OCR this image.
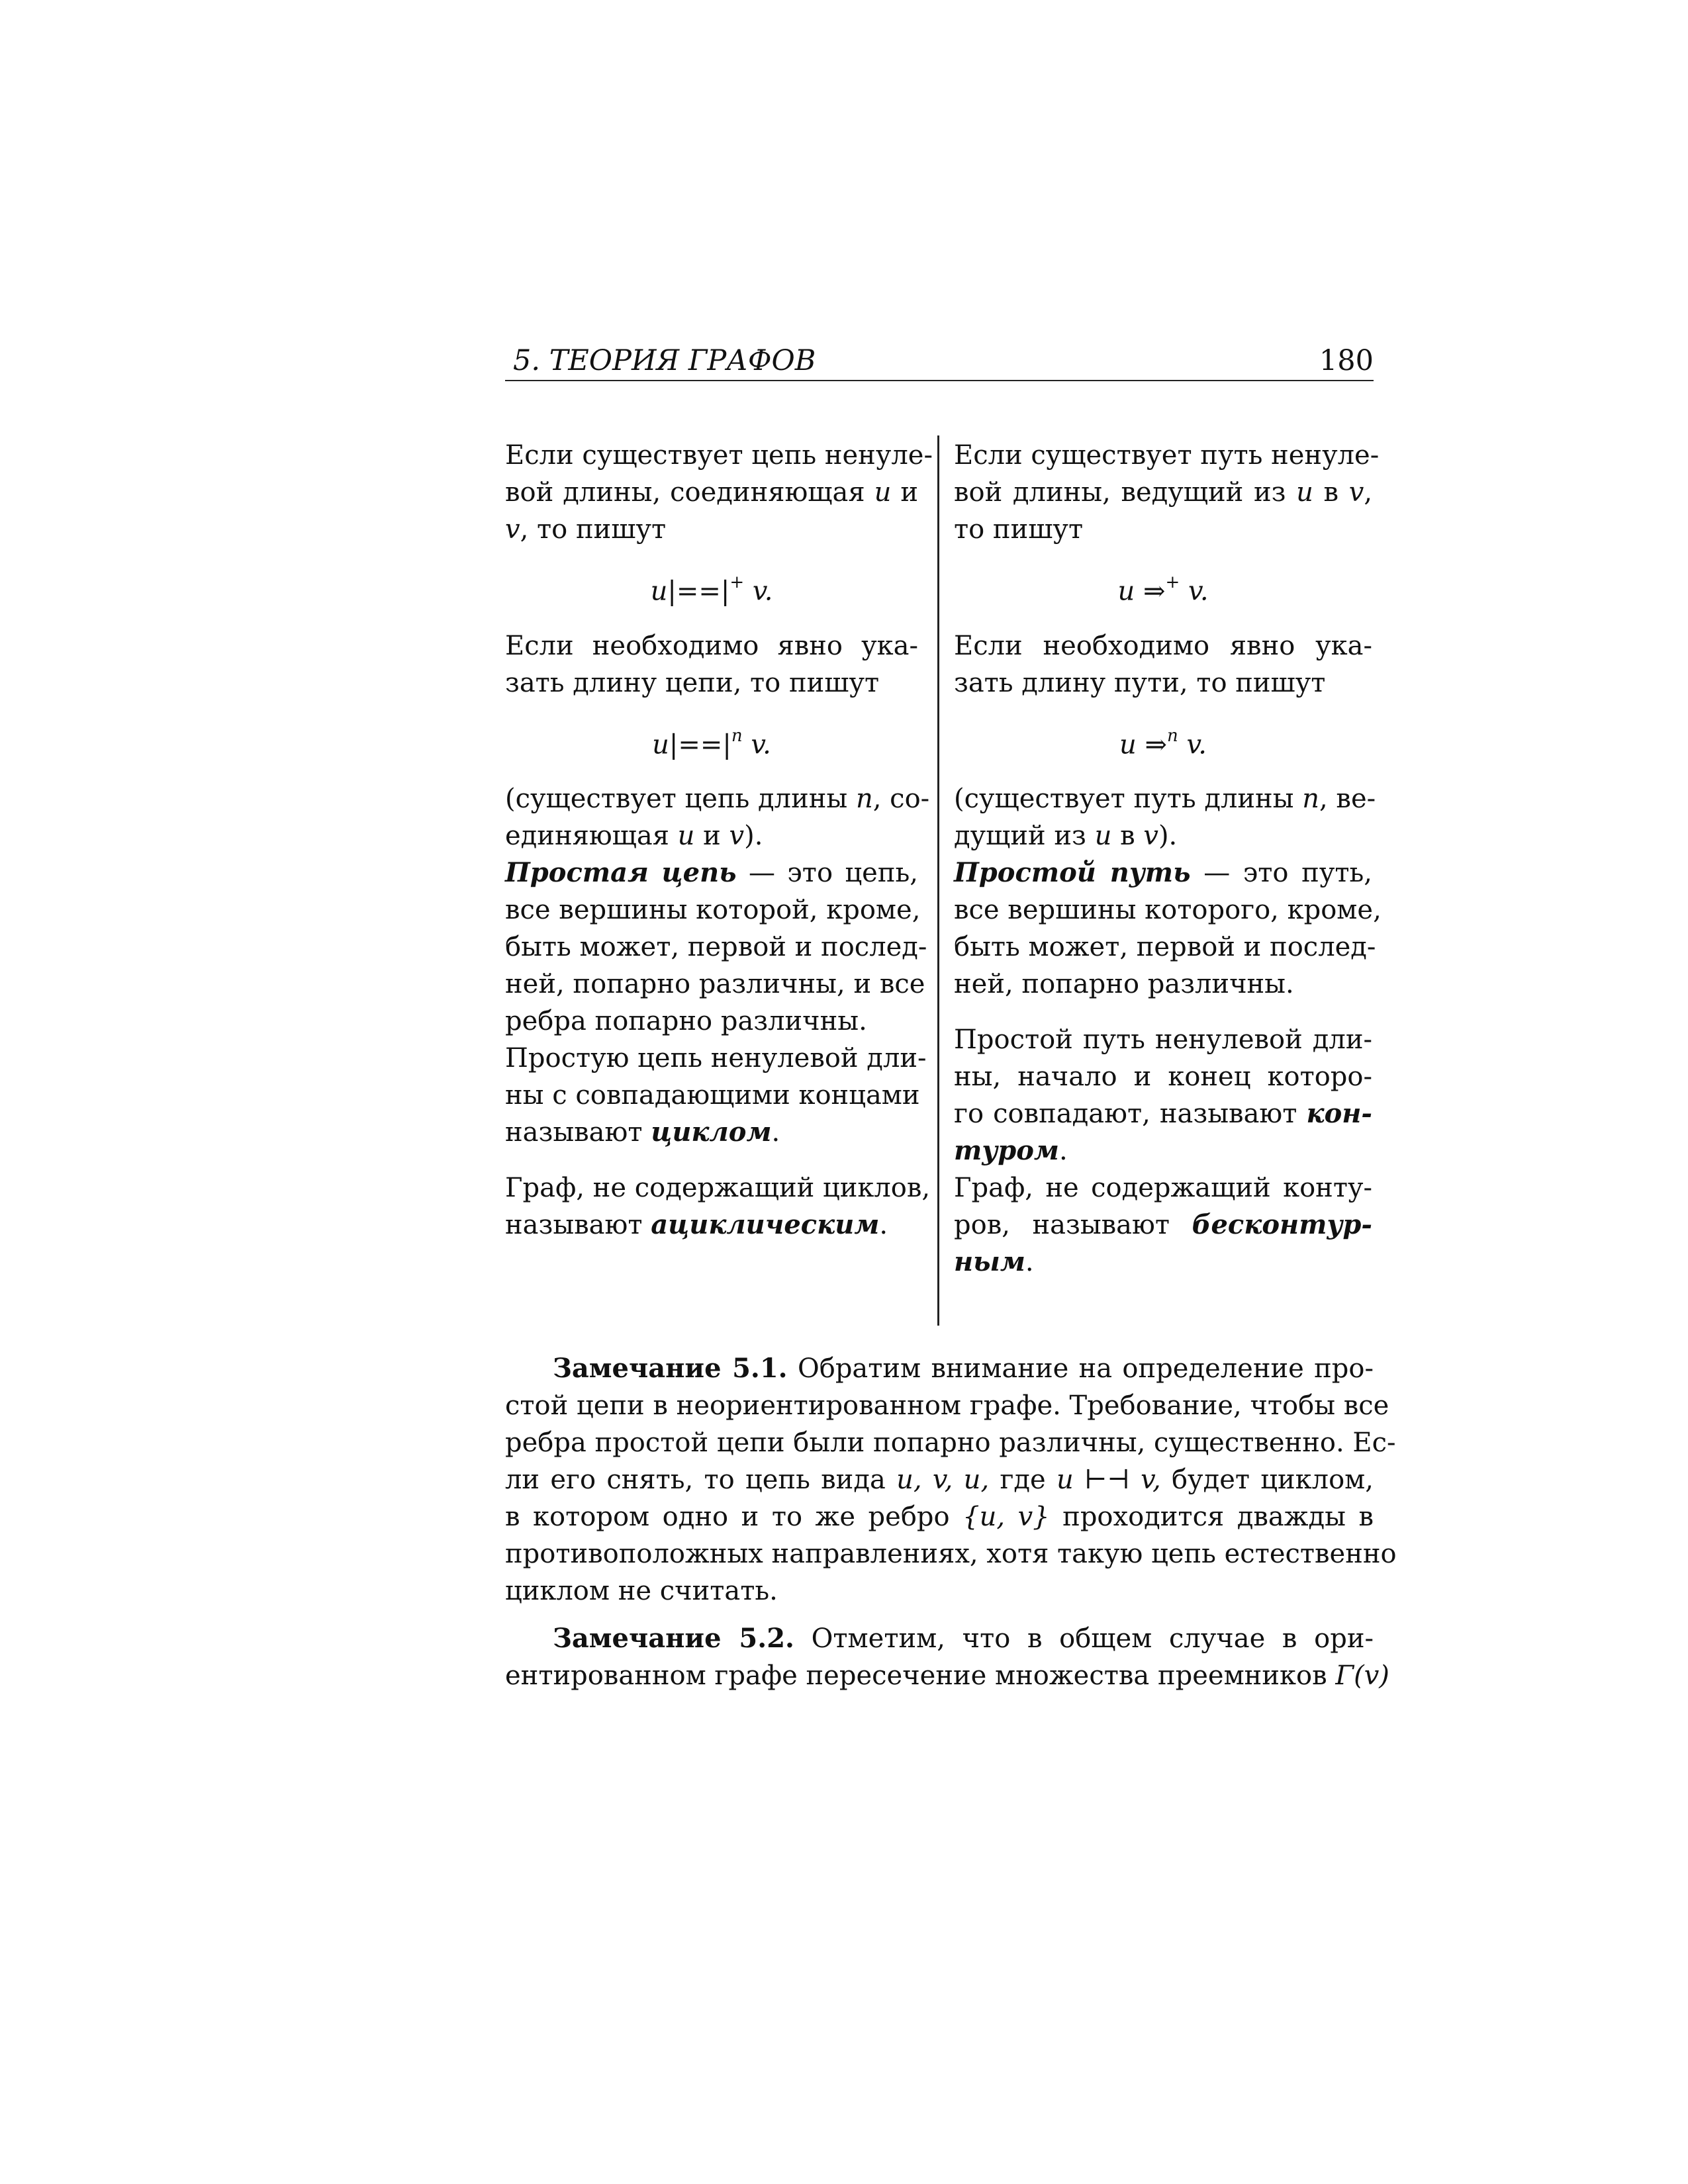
5. ТЕОРИЯ ГРАФОВ	180
Если существует цепь ненуле-
вой длины, соединяющая u и
v, то пишут
u|==|+ v.
Если необходимо явно ука-
зать длину цепи, то пишут
$u|==|^n$ v.
(существует цепь длины n, со-
единяющая u и v).
Простая цепь — это цепь,
все вершины которой, кроме,
быть может, первой и послед-
ней, попарно различны, и все
ребра попарно различны.
Простую цепь ненулевой дли-
ны с совпадающими концами
называют циклом.
Граф, не содержащий циклов,
называют ациклическим.
Если существует путь ненуле-
вой длины, ведущий из u в v,
то пишут
u ⇒+ v.
Если необходимо явно ука-
зать длину пути, то пишут
u ⇒$^n$ v.
(существует путь длины n, ве-
дущий из u в v).
Простой путь — это путь,
все вершины которого, кроме,
быть может, первой и послед-
ней, попарно различны.
Простой путь ненулевой дли-
ны, начало и конец которо-
го совпадают, называют кон-
туром.
Граф, не содержащий конту-
ров, называют бесконтур-
ным.
Замечание 5.1. Обратим внимание на определение про-
стой цепи в неориентированном графе. Требование, чтобы все
ребра простой цепи были попарно различны, существенно. Ес-
ли его снять, то цепь вида u, v, u, где u ⊢⊣ v, будет циклом,
в котором одно и то же ребро {u, v} проходится дважды в
противоположных направлениях, хотя такую цепь естественно
циклом не считать.
Замечание 5.2. Отметим, что в общем случае в ори-
ентированном графе пересечение множества преемников Γ(v)
